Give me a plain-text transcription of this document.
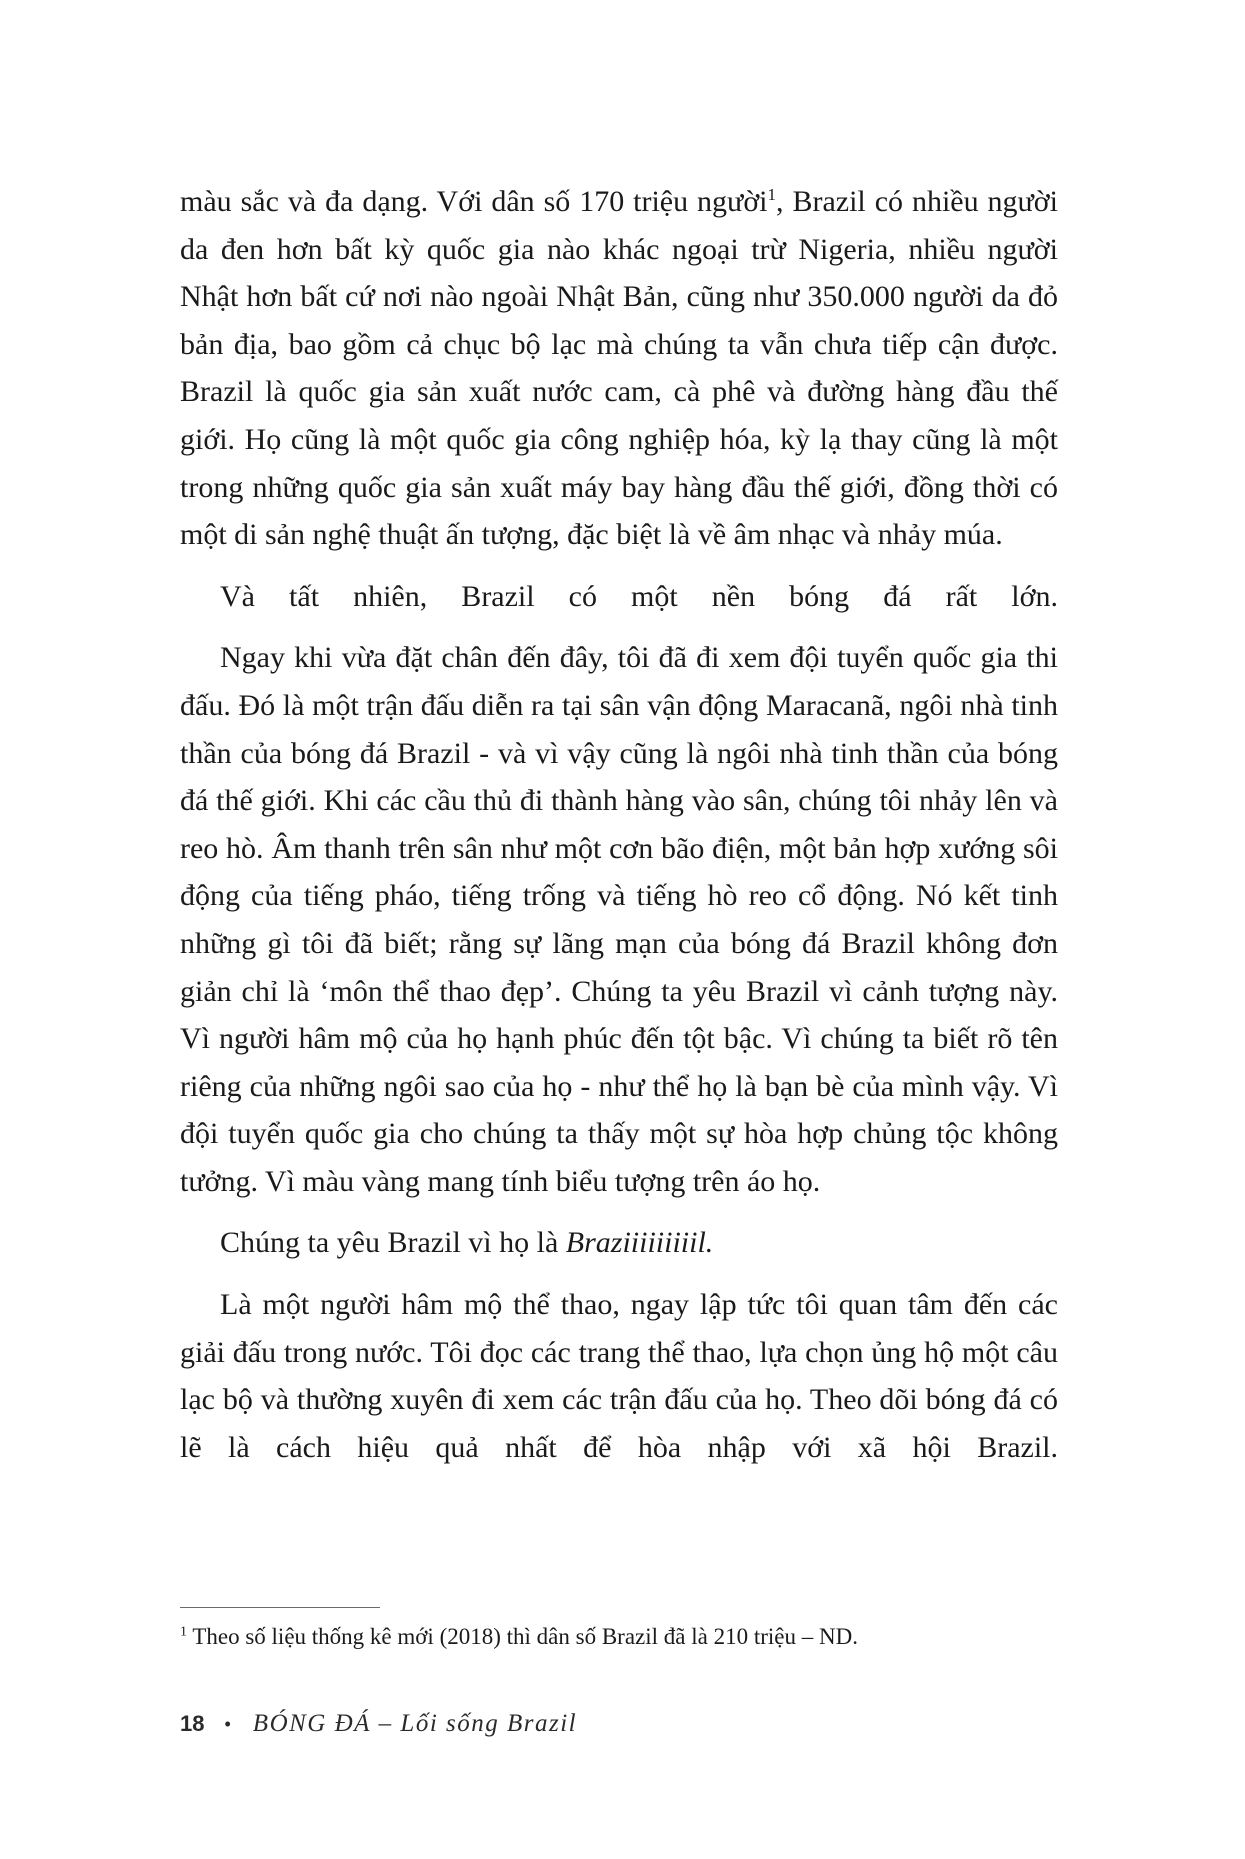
màu sắc và đa dạng. Với dân số 170 triệu người$^1$, Brazil có nhiều người da đen hơn bất kỳ quốc gia nào khác ngoại trừ Nigeria, nhiều người Nhật hơn bất cứ nơi nào ngoài Nhật Bản, cũng như 350.000 người da đỏ bản địa, bao gồm cả chục bộ lạc mà chúng ta vẫn chưa tiếp cận được. Brazil là quốc gia sản xuất nước cam, cà phê và đường hàng đầu thế giới. Họ cũng là một quốc gia công nghiệp hóa, kỳ lạ thay cũng là một trong những quốc gia sản xuất máy bay hàng đầu thế giới, đồng thời có một di sản nghệ thuật ấn tượng, đặc biệt là về âm nhạc và nhảy múa.

Và tất nhiên, Brazil có một nền bóng đá rất lớn.

Ngay khi vừa đặt chân đến đây, tôi đã đi xem đội tuyển quốc gia thi đấu. Đó là một trận đấu diễn ra tại sân vận động Maracanã, ngôi nhà tinh thần của bóng đá Brazil - và vì vậy cũng là ngôi nhà tinh thần của bóng đá thế giới. Khi các cầu thủ đi thành hàng vào sân, chúng tôi nhảy lên và reo hò. Âm thanh trên sân như một cơn bão điện, một bản hợp xướng sôi động của tiếng pháo, tiếng trống và tiếng hò reo cổ động. Nó kết tinh những gì tôi đã biết; rằng sự lãng mạn của bóng đá Brazil không đơn giản chỉ là ‘môn thể thao đẹp’. Chúng ta yêu Brazil vì cảnh tượng này. Vì người hâm mộ của họ hạnh phúc đến tột bậc. Vì chúng ta biết rõ tên riêng của những ngôi sao của họ - như thể họ là bạn bè của mình vậy. Vì đội tuyển quốc gia cho chúng ta thấy một sự hòa hợp chủng tộc không tưởng. Vì màu vàng mang tính biểu tượng trên áo họ.

Chúng ta yêu Brazil vì họ là Braziiiiiiiiil.

Là một người hâm mộ thể thao, ngay lập tức tôi quan tâm đến các giải đấu trong nước. Tôi đọc các trang thể thao, lựa chọn ủng hộ một câu lạc bộ và thường xuyên đi xem các trận đấu của họ. Theo dõi bóng đá có lẽ là cách hiệu quả nhất để hòa nhập với xã hội Brazil.

$^1$ Theo số liệu thống kê mới (2018) thì dân số Brazil đã là 210 triệu – ND.

18 • BÓNG ĐÁ – Lối sống Brazil
